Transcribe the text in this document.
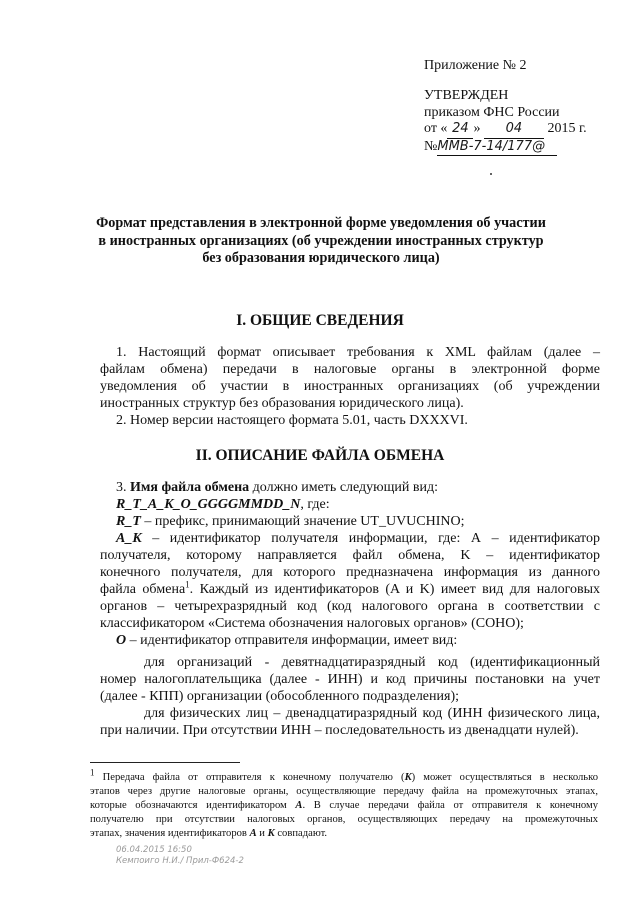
Приложение № 2
УТВЕРЖДЕН
приказом ФНС России
от « 24 » 04 2015 г.
№ММВ-7-14/177@
Формат представления в электронной форме уведомления об участии в иностранных организациях (об учреждении иностранных структур без образования юридического лица)
I. ОБЩИЕ СВЕДЕНИЯ
1. Настоящий формат описывает требования к XML файлам (далее –
файлам обмена) передачи в налоговые органы в электронной форме
уведомления об участии в иностранных организациях (об учреждении
иностранных структур без образования юридического лица).
2. Номер версии настоящего формата 5.01, часть DXXXVI.
II. ОПИСАНИЕ ФАЙЛА ОБМЕНА
3. Имя файла обмена должно иметь следующий вид:
R_T_A_K_O_GGGGMMDD_N, где:
R_T – префикс, принимающий значение UT_UVUCHINO;
A_K – идентификатор получателя информации, где: А – идентификатор
получателя, которому направляется файл обмена, K – идентификатор
конечного получателя, для которого предназначена информация из данного
файла обмена$^1$. Каждый из идентификаторов (A и K) имеет вид для налоговых
органов – четырехразрядный код (код налогового органа в соответствии с
классификатором «Система обозначения налоговых органов» (СОНО);
O – идентификатор отправителя информации, имеет вид:
для организаций - девятнадцатиразрядный код (идентификационный
номер налогоплательщика (далее - ИНН) и код причины постановки на учет
(далее - КПП) организации (обособленного подразделения);
для физических лиц – двенадцатиразрядный код (ИНН физического лица,
при наличии. При отсутствии ИНН – последовательность из двенадцати нулей).
$^1$ Передача файла от отправителя к конечному получателю (K) может осуществляться в несколько
этапов через другие налоговые органы, осуществляющие передачу файла на промежуточных этапах,
которые обозначаются идентификатором A. В случае передачи файла от отправителя к конечному
получателю при отсутствии налоговых органов, осуществляющих передачу на промежуточных
этапах, значения идентификаторов A и K совпадают.
06.04.2015 16:50
Кемпоиго Н.И./ Прил-Ф624-2
